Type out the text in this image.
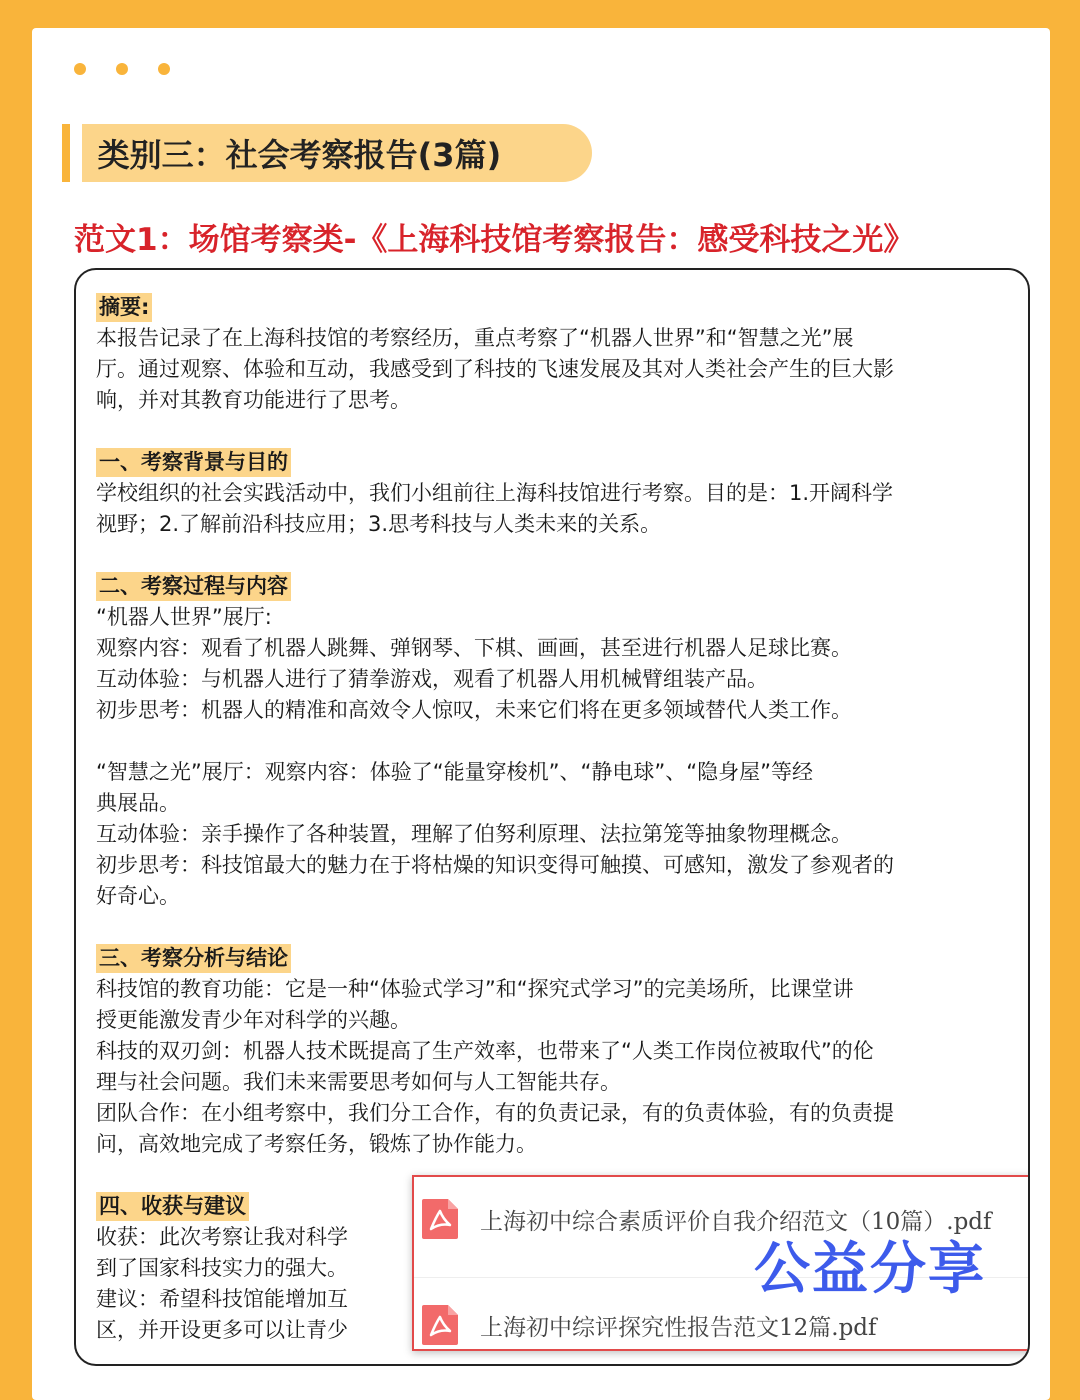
类别三：社会考察报告(3篇)
范文1：场馆考察类-《上海科技馆考察报告：感受科技之光》
摘要:
本报告记录了在上海科技馆的考察经历，重点考察了“机器人世界”和“智慧之光”展
厅。通过观察、体验和互动，我感受到了科技的飞速发展及其对人类社会产生的巨大影
响，并对其教育功能进行了思考。
一、考察背景与目的
学校组织的社会实践活动中，我们小组前往上海科技馆进行考察。目的是：1.开阔科学
视野；2.了解前沿科技应用；3.思考科技与人类未来的关系。
二、考察过程与内容
“机器人世界”展厅:
观察内容：观看了机器人跳舞、弹钢琴、下棋、画画，甚至进行机器人足球比赛。
互动体验：与机器人进行了猜拳游戏，观看了机器人用机械臂组装产品。
初步思考：机器人的精准和高效令人惊叹，未来它们将在更多领域替代人类工作。
“智慧之光”展厅：观察内容：体验了“能量穿梭机”、“静电球”、“隐身屋”等经
典展品。
互动体验：亲手操作了各种装置，理解了伯努利原理、法拉第笼等抽象物理概念。
初步思考：科技馆最大的魅力在于将枯燥的知识变得可触摸、可感知，激发了参观者的
好奇心。
三、考察分析与结论
科技馆的教育功能：它是一种“体验式学习”和“探究式学习”的完美场所，比课堂讲
授更能激发青少年对科学的兴趣。
科技的双刃剑：机器人技术既提高了生产效率，也带来了“人类工作岗位被取代”的伦
理与社会问题。我们未来需要思考如何与人工智能共存。
团队合作：在小组考察中，我们分工合作，有的负责记录，有的负责体验，有的负责提
问，高效地完成了考察任务，锻炼了协作能力。
四、收获与建议
收获：此次考察让我对科学
到了国家科技实力的强大。
建议：希望科技馆能增加互
区，并开设更多可以让青少
上海初中综合素质评价自我介绍范文（10篇）.pdf
上海初中综评探究性报告范文12篇.pdf
公益分享
